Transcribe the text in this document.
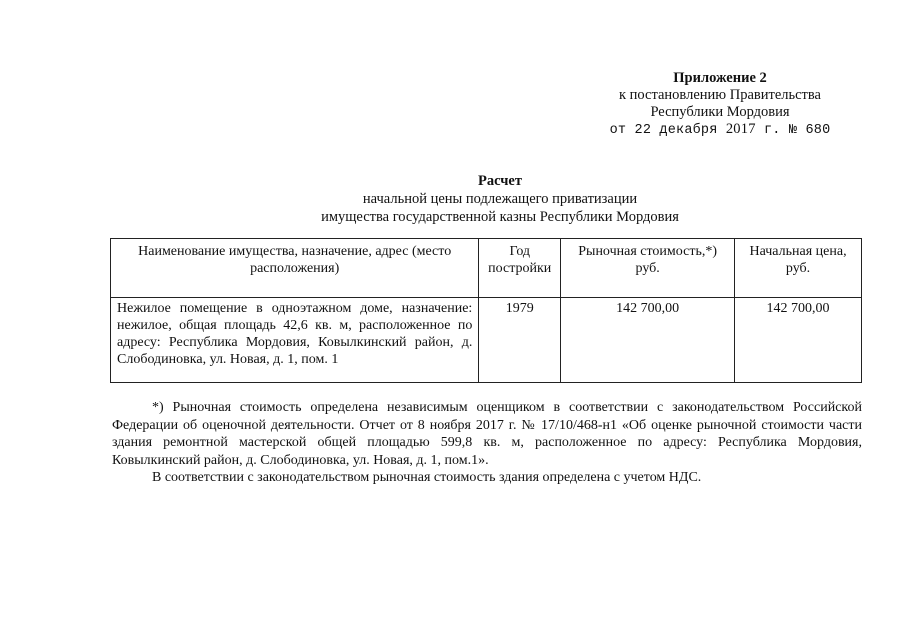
Приложение 2
к постановлению Правительства
Республики Мордовия
от 22 декабря 2017 г. № 680
Расчет
начальной цены подлежащего приватизации
имущества государственной казны Республики Мордовия
Наименование имущества, назначение, адрес (место расположения)	Год постройки	Рыночная стоимость,*) руб.	Начальная цена, руб.
Нежилое помещение в одноэтажном доме, назначение: нежилое, общая площадь 42,6 кв. м, расположенное по адресу: Республика Мордовия, Ковылкинский район, д. Слободиновка, ул. Новая, д. 1, пом. 1	1979	142 700,00	142 700,00

*) Рыночная стоимость определена независимым оценщиком в соответствии с законодательством Российской Федерации об оценочной деятельности. Отчет от 8 ноября 2017 г. № 17/10/468-н1 «Об оценке рыночной стоимости части здания ремонтной мастерской общей площадью 599,8 кв. м, расположенное по адресу: Республика Мордовия, Ковылкинский район, д. Слободиновка, ул. Новая, д. 1, пом.1».

В соответствии с законодательством рыночная стоимость здания определена с учетом НДС.
